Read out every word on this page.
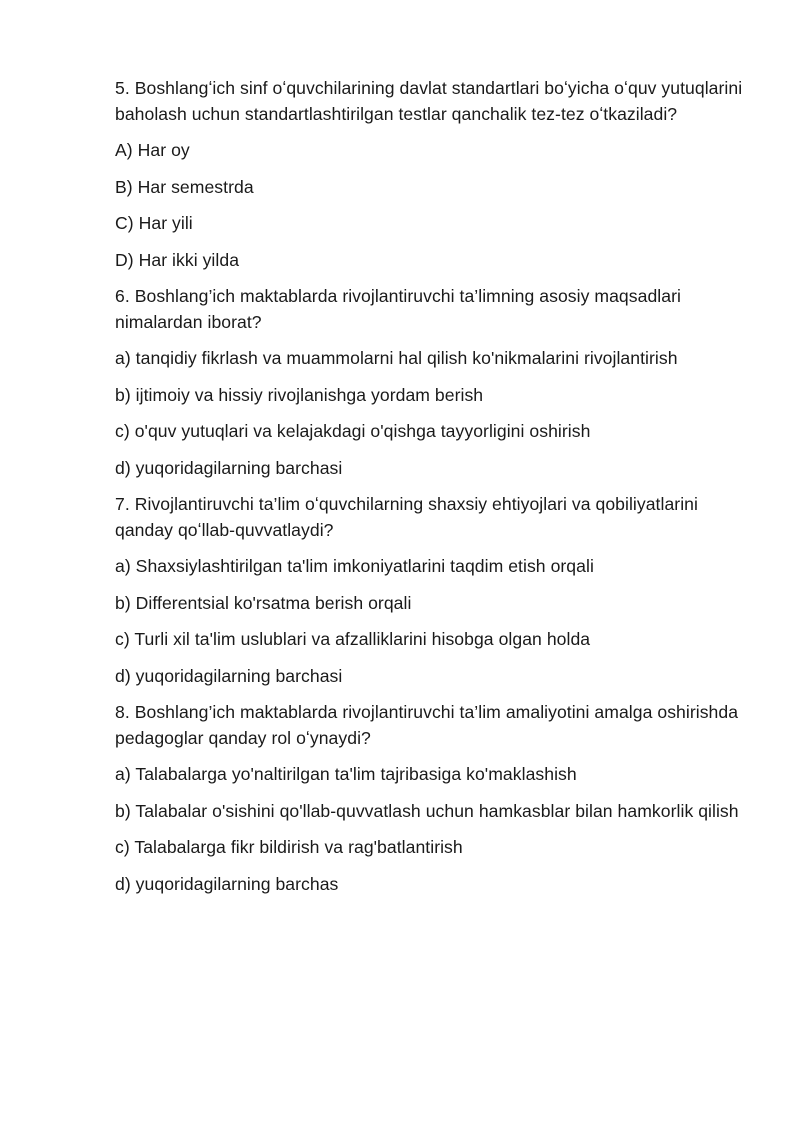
5. Boshlangʻich sinf oʻquvchilarining davlat standartlari boʻyicha oʻquv yutuqlarini baholash uchun standartlashtirilgan testlar qanchalik tez-tez oʻtkaziladi?

A) Har oy

B) Har semestrda

C) Har yili

D) Har ikki yilda

6. Boshlang’ich maktablarda rivojlantiruvchi ta’limning asosiy maqsadlari nimalardan iborat?

a) tanqidiy fikrlash va muammolarni hal qilish ko'nikmalarini rivojlantirish

b) ijtimoiy va hissiy rivojlanishga yordam berish

c) o'quv yutuqlari va kelajakdagi o'qishga tayyorligini oshirish

d) yuqoridagilarning barchasi

7. Rivojlantiruvchi ta’lim oʻquvchilarning shaxsiy ehtiyojlari va qobiliyatlarini qanday qoʻllab-quvvatlaydi?

a) Shaxsiylashtirilgan ta'lim imkoniyatlarini taqdim etish orqali

b) Differentsial ko'rsatma berish orqali

c) Turli xil ta'lim uslublari va afzalliklarini hisobga olgan holda

d) yuqoridagilarning barchasi

8. Boshlang’ich maktablarda rivojlantiruvchi ta’lim amaliyotini amalga oshirishda pedagoglar qanday rol oʻynaydi?

a) Talabalarga yo'naltirilgan ta'lim tajribasiga ko'maklashish

b) Talabalar o'sishini qo'llab-quvvatlash uchun hamkasblar bilan hamkorlik qilish

c) Talabalarga fikr bildirish va rag'batlantirish

d) yuqoridagilarning barchas
